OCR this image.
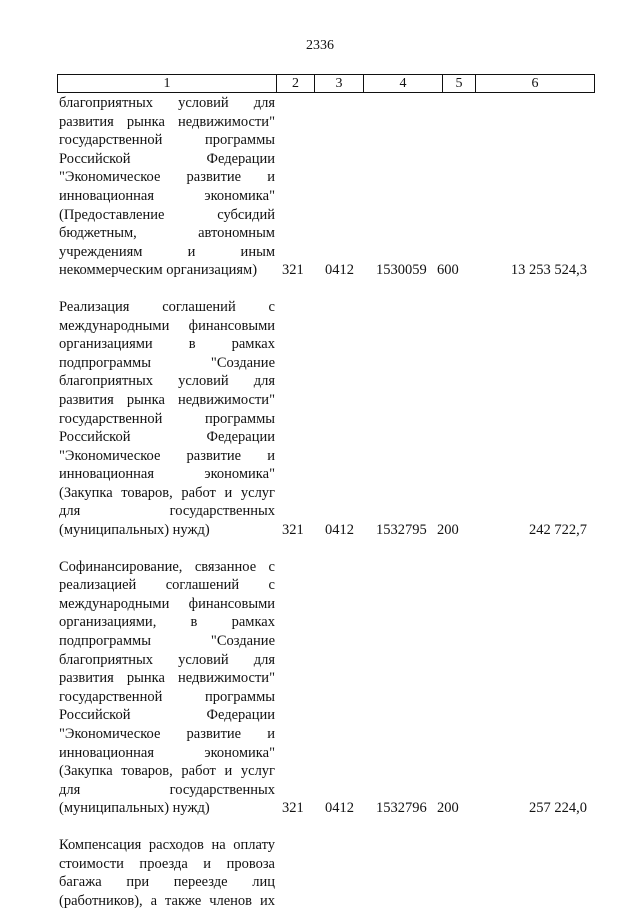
2336
1	2	3	4	5	6
благоприятных условий для
развития рынка недвижимости"
государственной программы
Российской Федерации
"Экономическое развитие и
инновационная экономика"
(Предоставление субсидий
бюджетным, автономным
учреждениям и иным
некоммерческим организациям)	321 0412 1530059 600	13 253 524,3
Реализация соглашений с
международными финансовыми
организациями в рамках
подпрограммы "Создание
благоприятных условий для
развития рынка недвижимости"
государственной программы
Российской Федерации
"Экономическое развитие и
инновационная экономика"
(Закупка товаров, работ и услуг
для государственных
(муниципальных) нужд)	321 0412 1532795 200	242 722,7
Софинансирование, связанное с
реализацией соглашений с
международными финансовыми
организациями, в рамках
подпрограммы "Создание
благоприятных условий для
развития рынка недвижимости"
государственной программы
Российской Федерации
"Экономическое развитие и
инновационная экономика"
(Закупка товаров, работ и услуг
для государственных
(муниципальных) нужд)	321 0412 1532796 200	257 224,0
Компенсация расходов на оплату
стоимости проезда и провоза
багажа при переезде лиц
(работников), а также членов их
